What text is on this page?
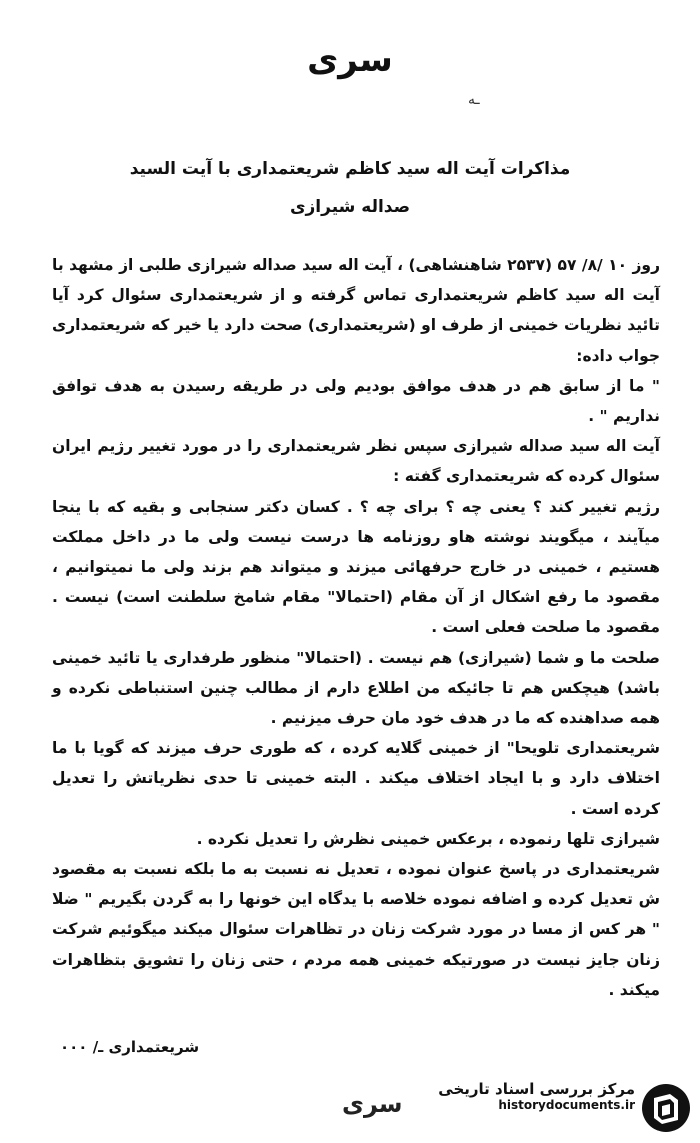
سری
ـه
مذاکرات آیت اله سید کاظم شریعتمداری با آیت السید
صداله شیرازی

روز ۱۰ /۸/ ۵۷ (۲۵۳۷ شاهنشاهی) ، آیت اله سید صداله شیرازی طلبی از مشهد با آیت اله سید کاظم شریعتمداری تماس گرفته و از شریعتمداری سئوال کرد آیا تائید نظریات خمینی از طرف او (شریعتمداری) صحت دارد یا خیر که شریعتمداری جواب داده:

" ما از سابق هم در هدف موافق بودیم ولی در طریقه رسیدن به هدف توافق نداریم " .

آیت اله سید صداله شیرازی سپس نظر شریعتمداری را در مورد تغییر رژیم ایران سئوال کرده که شریعتمداری گفته :

رژیم تغییر کند ؟ یعنی چه ؟ برای چه ؟ . کسان دکتر سنجابی و بقیه که با ینجا میآیند ، میگویند نوشته هاو روزنامه ها درست نیست ولی ما در داخل مملکت هستیم ، خمینی در خارج حرفهائی میزند و میتواند هم بزند ولی ما نمیتوانیم ، مقصود ما رفع اشکال از آن مقام (احتمالا" مقام شامخ سلطنت است) نیست . مقصود ما صلحت فعلی است .

صلحت ما و شما (شیرازی) هم نیست . (احتمالا" منظور طرفداری یا تائید خمینی باشد) هیچکس هم تا جائیکه من اطلاع دارم از مطالب چنین استنباطی نکرده و همه صداهنده که ما در هدف خود مان حرف میزنیم .

شریعتمداری تلویحا" از خمینی گلایه کرده ، که طوری حرف میزند که گویا با ما اختلاف دارد و با ایجاد اختلاف میکند . البته خمینی تا حدی نظریاتش را تعدیل کرده است .

شیرازی تلها رنموده ، برعکس خمینی نظرش را تعدیل نکرده .

شریعتمداری در پاسخ عنوان نموده ، تعدیل نه نسبت به ما بلکه نسبت به مقصود ش تعدیل کرده و اضافه نموده خلاصه با یدگاه این خونها را به گردن بگیریم " ضلا " هر کس از مسا در مورد شرکت زنان در تظاهرات سئوال میکند میگوئیم شرکت زنان جایز نیست در صورتیکه خمینی همه مردم ، حتی زنان را تشویق بتظاهرات میکند .

شریعتمداری ـ/ ۰۰۰
سری
مرکز بررسی اسناد تاریخی
historydocuments.ir
